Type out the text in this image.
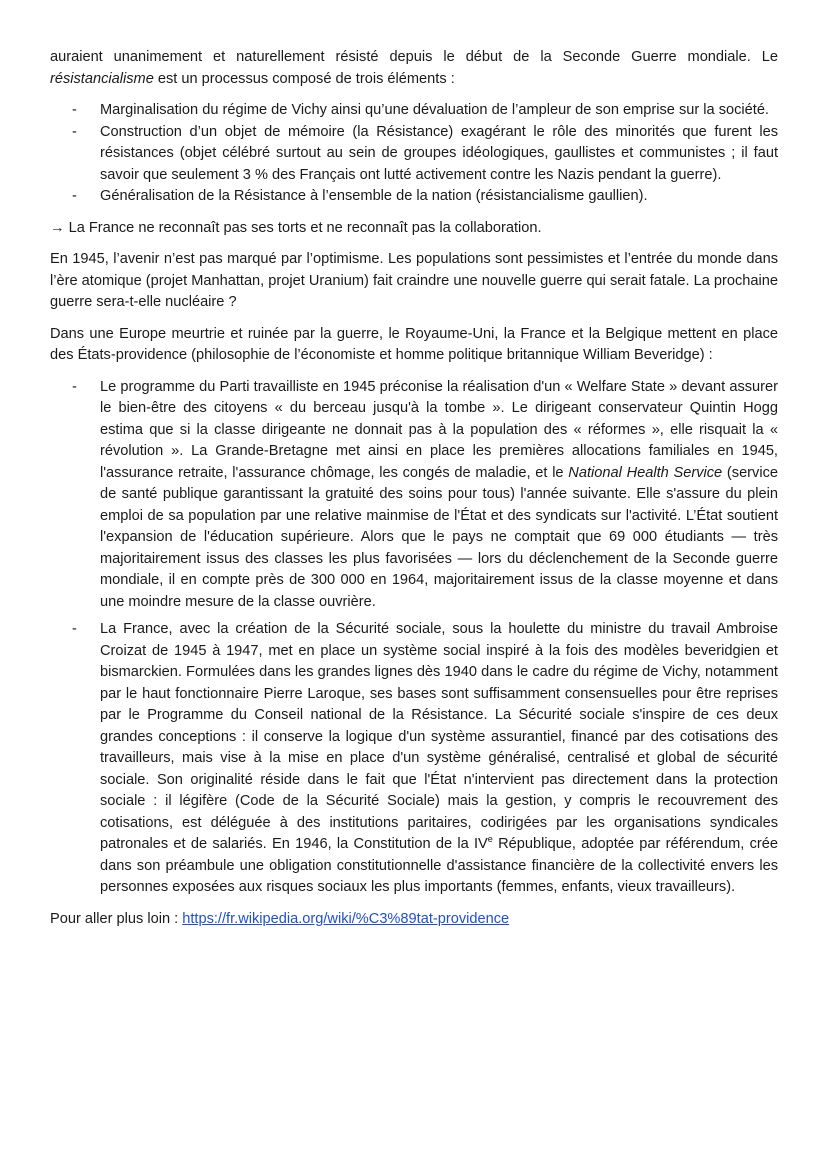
auraient unanimement et naturellement résisté depuis le début de la Seconde Guerre mondiale. Le résistancialisme est un processus composé de trois éléments :

- Marginalisation du régime de Vichy ainsi qu’une dévaluation de l’ampleur de son emprise sur la société.
- Construction d’un objet de mémoire (la Résistance) exagérant le rôle des minorités que furent les résistances (objet célébré surtout au sein de groupes idéologiques, gaullistes et communistes ; il faut savoir que seulement 3 % des Français ont lutté activement contre les Nazis pendant la guerre).
- Généralisation de la Résistance à l’ensemble de la nation (résistancialisme gaullien).

→ La France ne reconnaît pas ses torts et ne reconnaît pas la collaboration.

En 1945, l’avenir n’est pas marqué par l’optimisme. Les populations sont pessimistes et l’entrée du monde dans l’ère atomique (projet Manhattan, projet Uranium) fait craindre une nouvelle guerre qui serait fatale. La prochaine guerre sera-t-elle nucléaire ?

Dans une Europe meurtrie et ruinée par la guerre, le Royaume-Uni, la France et la Belgique mettent en place des États-providence (philosophie de l’économiste et homme politique britannique William Beveridge) :

- Le programme du Parti travailliste en 1945 préconise la réalisation d'un « Welfare State » devant assurer le bien-être des citoyens « du berceau jusqu'à la tombe ». Le dirigeant conservateur Quintin Hogg estima que si la classe dirigeante ne donnait pas à la population des « réformes », elle risquait la « révolution ». La Grande-Bretagne met ainsi en place les premières allocations familiales en 1945, l'assurance retraite, l'assurance chômage, les congés de maladie, et le National Health Service (service de santé publique garantissant la gratuité des soins pour tous) l'année suivante. Elle s'assure du plein emploi de sa population par une relative mainmise de l'État et des syndicats sur l'activité. L’État soutient l'expansion de l'éducation supérieure. Alors que le pays ne comptait que 69 000 étudiants — très majoritairement issus des classes les plus favorisées — lors du déclenchement de la Seconde guerre mondiale, il en compte près de 300 000 en 1964, majoritairement issus de la classe moyenne et dans une moindre mesure de la classe ouvrière.
- La France, avec la création de la Sécurité sociale, sous la houlette du ministre du travail Ambroise Croizat de 1945 à 1947, met en place un système social inspiré à la fois des modèles beveridgien et bismarckien. Formulées dans les grandes lignes dès 1940 dans le cadre du régime de Vichy, notamment par le haut fonctionnaire Pierre Laroque, ses bases sont suffisamment consensuelles pour être reprises par le Programme du Conseil national de la Résistance. La Sécurité sociale s'inspire de ces deux grandes conceptions : il conserve la logique d'un système assurantiel, financé par des cotisations des travailleurs, mais vise à la mise en place d'un système généralisé, centralisé et global de sécurité sociale. Son originalité réside dans le fait que l'État n'intervient pas directement dans la protection sociale : il légifère (Code de la Sécurité Sociale) mais la gestion, y compris le recouvrement des cotisations, est déléguée à des institutions paritaires, codirigées par les organisations syndicales patronales et de salariés. En 1946, la Constitution de la IVe République, adoptée par référendum, crée dans son préambule une obligation constitutionnelle d'assistance financière de la collectivité envers les personnes exposées aux risques sociaux les plus importants (femmes, enfants, vieux travailleurs).

Pour aller plus loin : https://fr.wikipedia.org/wiki/%C3%89tat-providence
